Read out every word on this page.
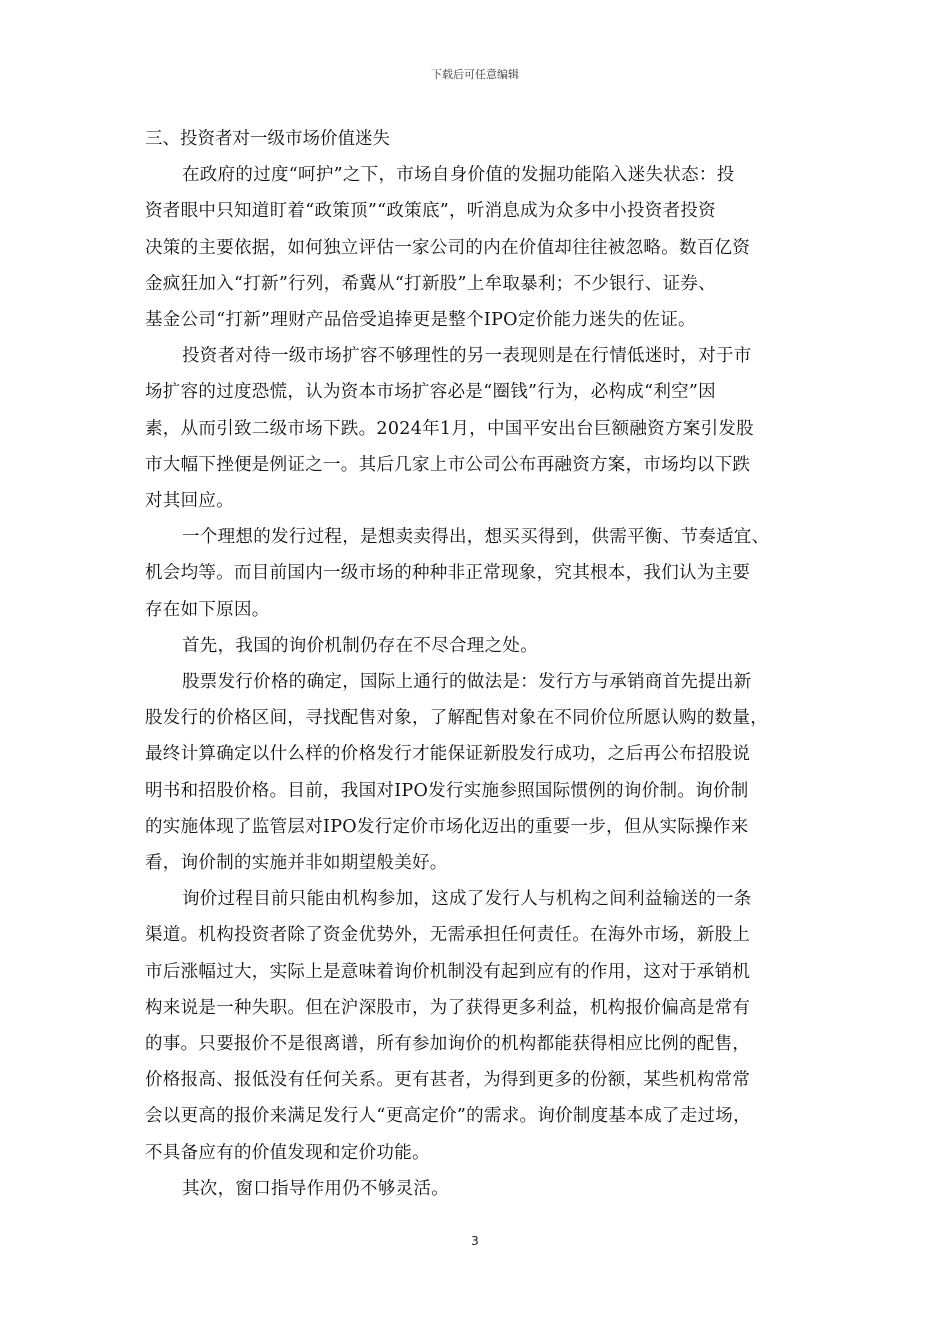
下载后可任意编辑

三、投资者对一级市场价值迷失

在政府的过度“呵护”之下，市场自身价值的发掘功能陷入迷失状态：投
资者眼中只知道盯着“政策顶”“政策底”，听消息成为众多中小投资者投资
决策的主要依据，如何独立评估一家公司的内在价值却往往被忽略。数百亿资
金疯狂加入“打新”行列，希冀从“打新股”上牟取暴利；不少银行、证券、
基金公司“打新”理财产品倍受追捧更是整个IPO定价能力迷失的佐证。

投资者对待一级市场扩容不够理性的另一表现则是在行情低迷时，对于市
场扩容的过度恐慌，认为资本市场扩容必是“圈钱”行为，必构成“利空”因
素，从而引致二级市场下跌。2024年1月，中国平安出台巨额融资方案引发股
市大幅下挫便是例证之一。其后几家上市公司公布再融资方案，市场均以下跌
对其回应。

一个理想的发行过程，是想卖卖得出，想买买得到，供需平衡、节奏适宜、
机会均等。而目前国内一级市场的种种非正常现象，究其根本，我们认为主要
存在如下原因。

首先，我国的询价机制仍存在不尽合理之处。

股票发行价格的确定，国际上通行的做法是：发行方与承销商首先提出新
股发行的价格区间，寻找配售对象，了解配售对象在不同价位所愿认购的数量，
最终计算确定以什么样的价格发行才能保证新股发行成功，之后再公布招股说
明书和招股价格。目前，我国对IPO发行实施参照国际惯例的询价制。询价制
的实施体现了监管层对IPO发行定价市场化迈出的重要一步，但从实际操作来
看，询价制的实施并非如期望般美好。

询价过程目前只能由机构参加，这成了发行人与机构之间利益输送的一条
渠道。机构投资者除了资金优势外，无需承担任何责任。在海外市场，新股上
市后涨幅过大，实际上是意味着询价机制没有起到应有的作用，这对于承销机
构来说是一种失职。但在沪深股市，为了获得更多利益，机构报价偏高是常有
的事。只要报价不是很离谱，所有参加询价的机构都能获得相应比例的配售，
价格报高、报低没有任何关系。更有甚者，为得到更多的份额，某些机构常常
会以更高的报价来满足发行人“更高定价”的需求。询价制度基本成了走过场，
不具备应有的价值发现和定价功能。

其次，窗口指导作用仍不够灵活。

3
